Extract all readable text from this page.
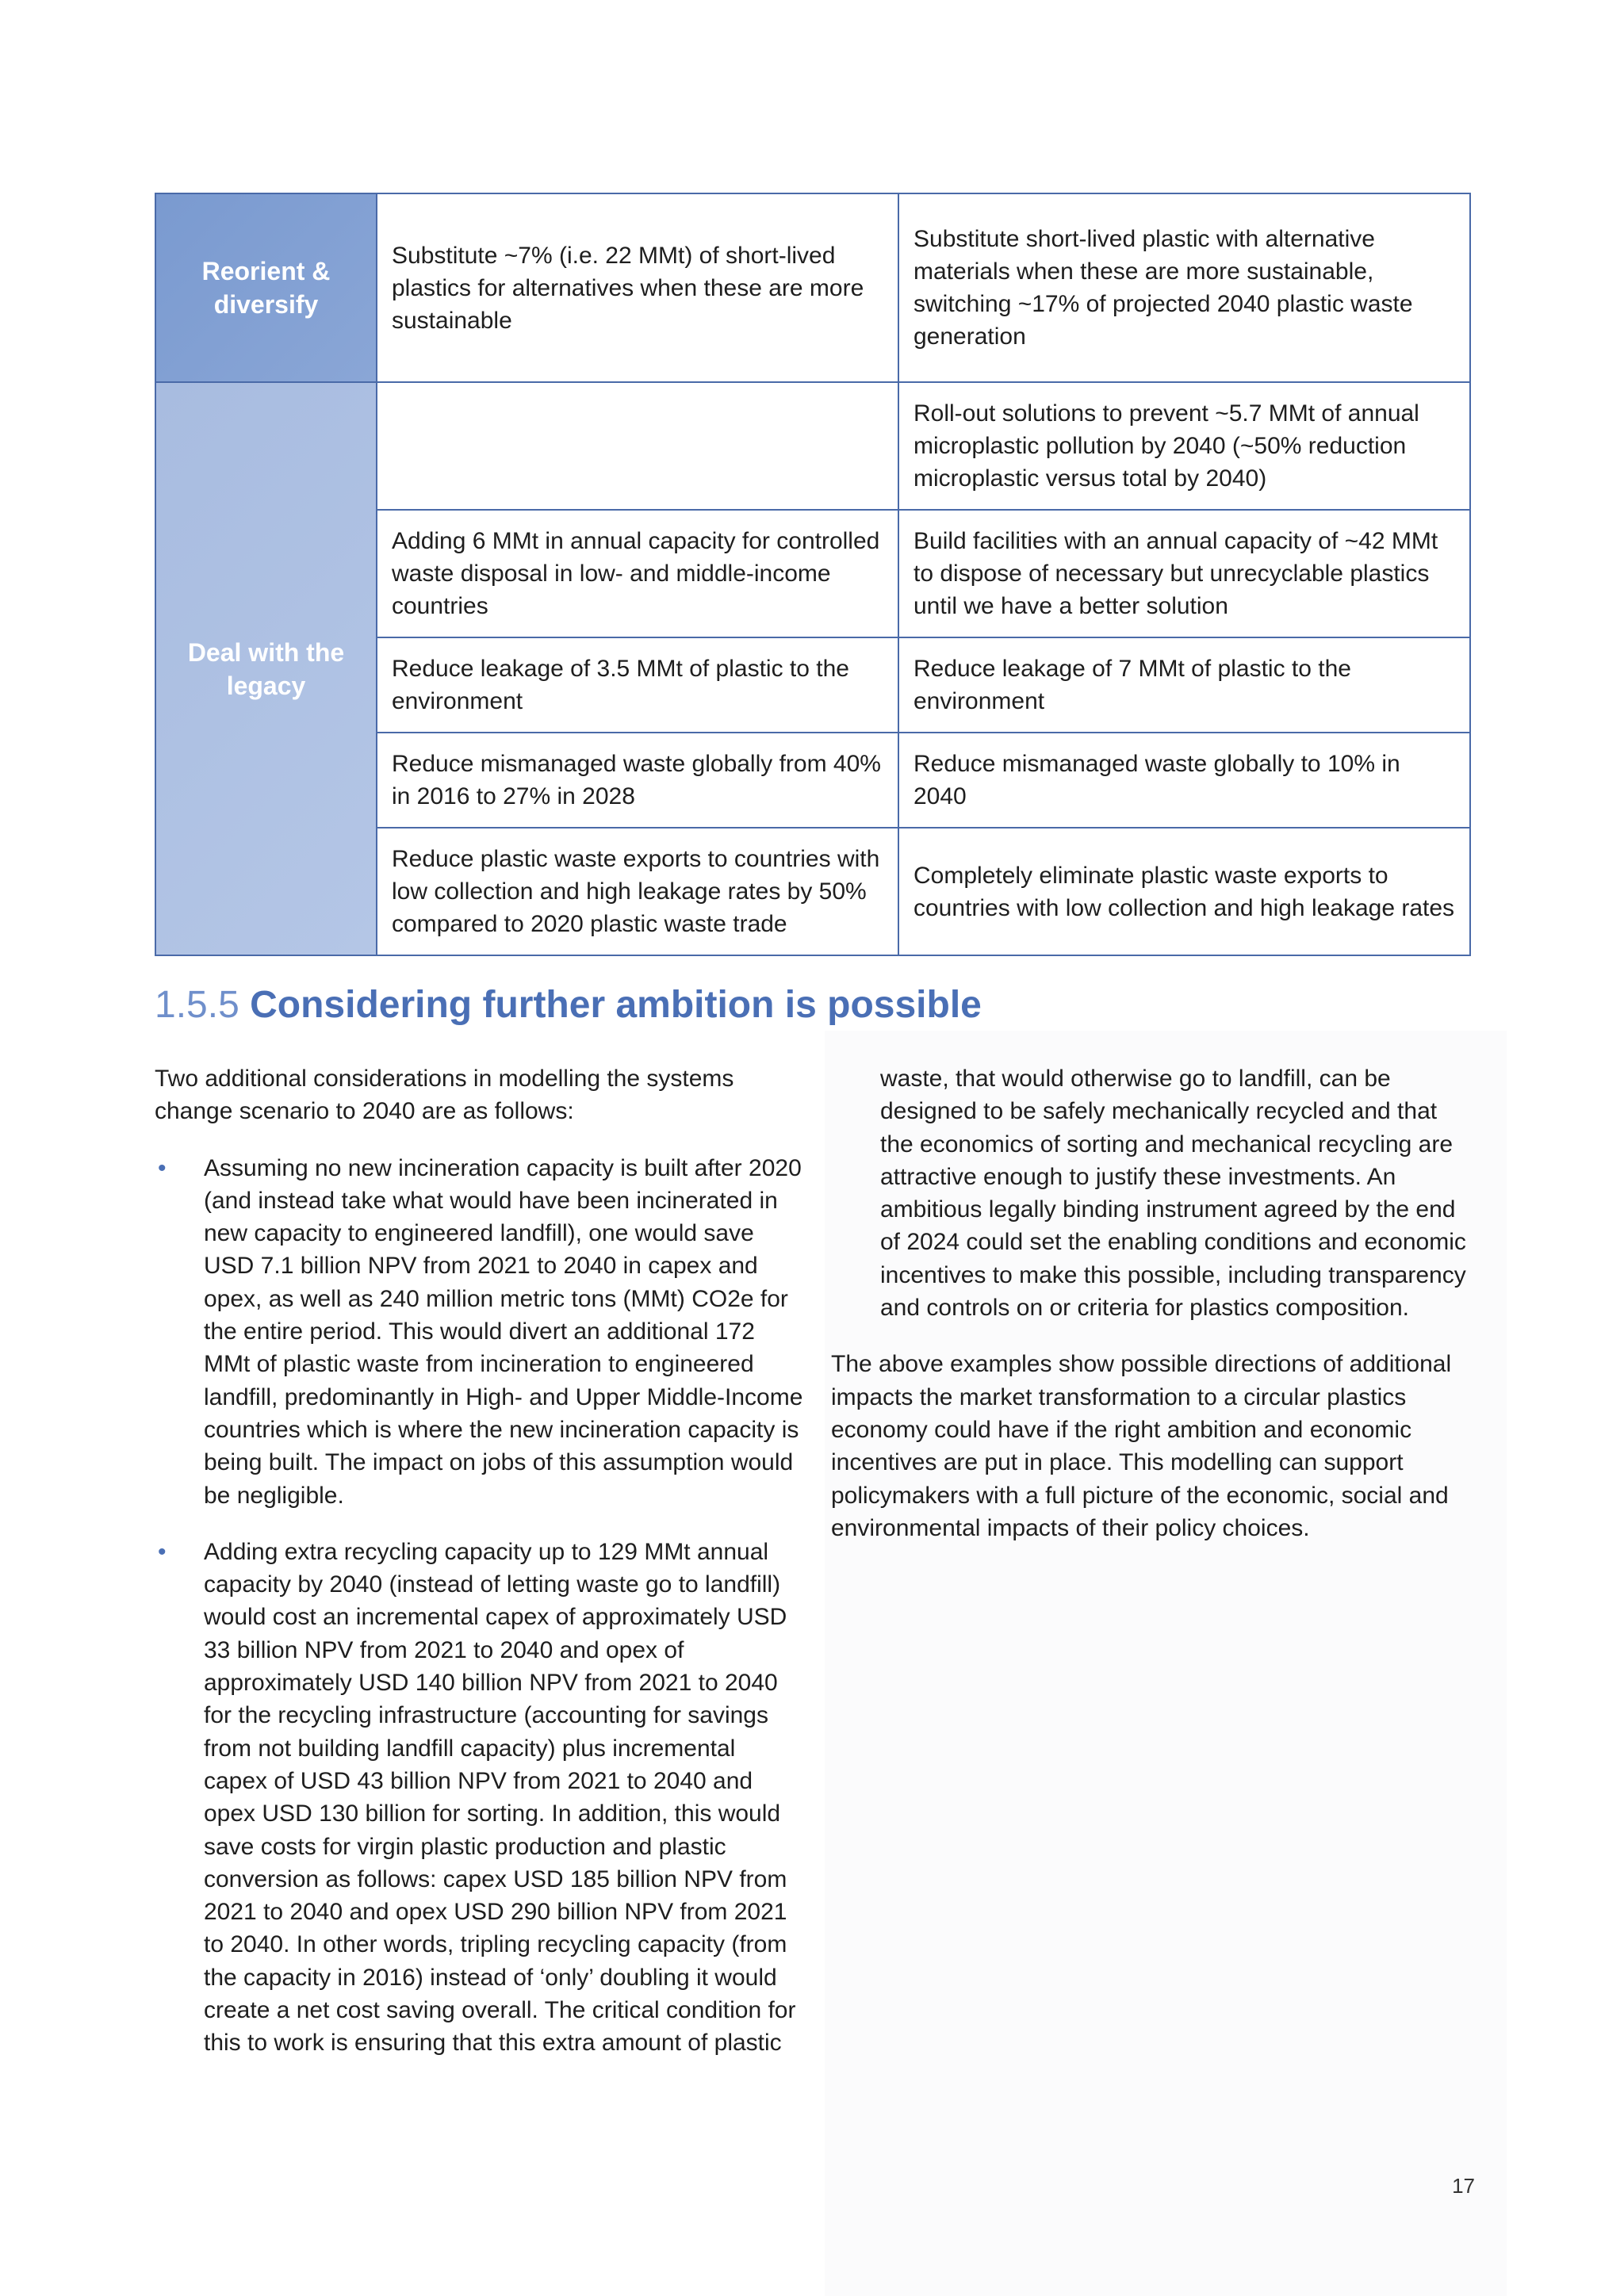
Reorient & diversify	Substitute ~7% (i.e. 22 MMt) of short-lived plastics for alternatives when these are more sustainable	Substitute short-lived plastic with alternative materials when these are more sustainable, switching ~17% of projected 2040 plastic waste generation
Deal with the legacy		Roll-out solutions to prevent ~5.7 MMt of annual microplastic pollution by 2040 (~50% reduction microplastic versus total by 2040)
	Adding 6 MMt in annual capacity for controlled waste disposal in low- and middle-income countries	Build facilities with an annual capacity of ~42 MMt to dispose of necessary but unrecyclable plastics until we have a better solution
	Reduce leakage of 3.5 MMt of plastic to the environment	Reduce leakage of 7 MMt of plastic to the environment
	Reduce mismanaged waste globally from 40% in 2016 to 27% in 2028	Reduce mismanaged waste globally to 10% in 2040
	Reduce plastic waste exports to countries with low collection and high leakage rates by 50% compared to 2020 plastic waste trade	Completely eliminate plastic waste exports to countries with low collection and high leakage rates
1.5.5 Considering further ambition is possible

Two additional considerations in modelling the systems change scenario to 2040 are as follows:

• Assuming no new incineration capacity is built after 2020 (and instead take what would have been incinerated in new capacity to engineered landfill), one would save USD 7.1 billion NPV from 2021 to 2040 in capex and opex, as well as 240 million metric tons (MMt) CO2e for the entire period. This would divert an additional 172 MMt of plastic waste from incineration to engineered landfill, predominantly in High- and Upper Middle-Income countries which is where the new incineration capacity is being built. The impact on jobs of this assumption would be negligible.

• Adding extra recycling capacity up to 129 MMt annual capacity by 2040 (instead of letting waste go to landfill) would cost an incremental capex of approximately USD 33 billion NPV from 2021 to 2040 and opex of approximately USD 140 billion NPV from 2021 to 2040 for the recycling infrastructure (accounting for savings from not building landfill capacity) plus incremental capex of USD 43 billion NPV from 2021 to 2040 and opex USD 130 billion for sorting. In addition, this would save costs for virgin plastic production and plastic conversion as follows: capex USD 185 billion NPV from 2021 to 2040 and opex USD 290 billion NPV from 2021 to 2040. In other words, tripling recycling capacity (from the capacity in 2016) instead of ‘only’ doubling it would create a net cost saving overall. The critical condition for this to work is ensuring that this extra amount of plastic

waste, that would otherwise go to landfill, can be designed to be safely mechanically recycled and that the economics of sorting and mechanical recycling are attractive enough to justify these investments. An ambitious legally binding instrument agreed by the end of 2024 could set the enabling conditions and economic incentives to make this possible, including transparency and controls on or criteria for plastics composition.

The above examples show possible directions of additional impacts the market transformation to a circular plastics economy could have if the right ambition and economic incentives are put in place. This modelling can support policymakers with a full picture of the economic, social and environmental impacts of their policy choices.

17
